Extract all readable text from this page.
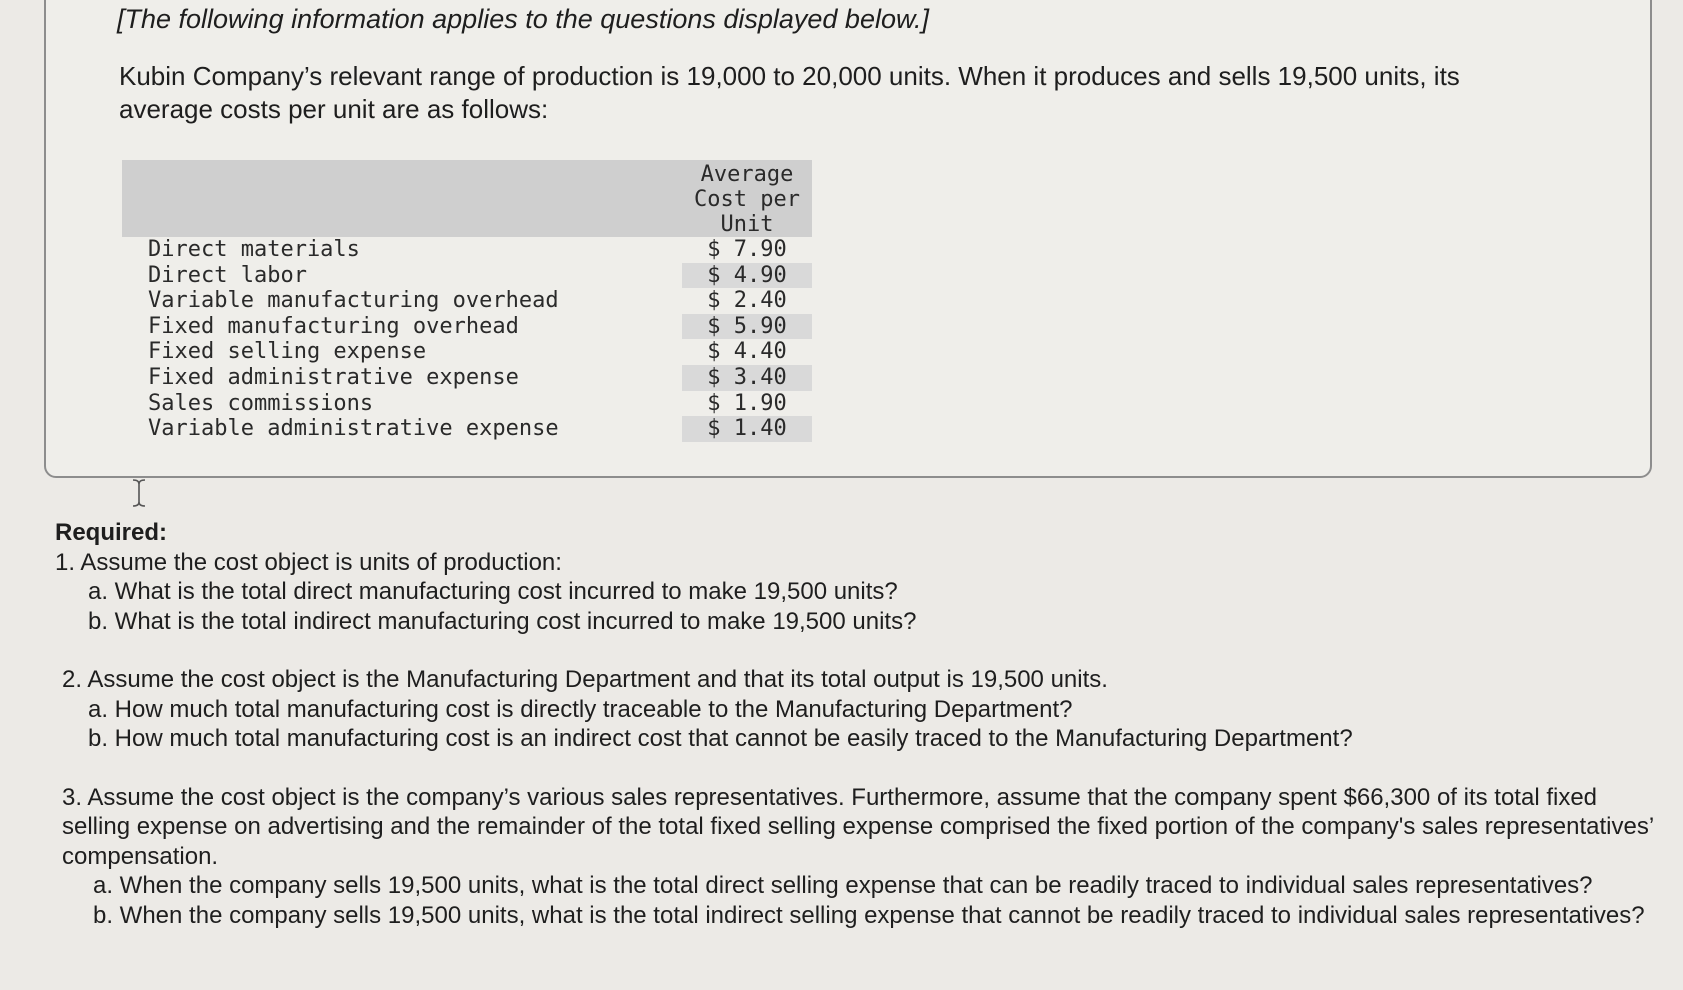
[The following information applies to the questions displayed below.]

Kubin Company’s relevant range of production is 19,000 to 20,000 units. When it produces and sells 19,500 units, its average costs per unit are as follows:

	Average Cost per Unit
Direct materials	$ 7.90
Direct labor	$ 4.90
Variable manufacturing overhead	$ 2.40
Fixed manufacturing overhead	$ 5.90
Fixed selling expense	$ 4.40
Fixed administrative expense	$ 3.40
Sales commissions	$ 1.90
Variable administrative expense	$ 1.40

Required:

1. Assume the cost object is units of production:

a. What is the total direct manufacturing cost incurred to make 19,500 units?

b. What is the total indirect manufacturing cost incurred to make 19,500 units?

2. Assume the cost object is the Manufacturing Department and that its total output is 19,500 units.

a. How much total manufacturing cost is directly traceable to the Manufacturing Department?

b. How much total manufacturing cost is an indirect cost that cannot be easily traced to the Manufacturing Department?

3. Assume the cost object is the company’s various sales representatives. Furthermore, assume that the company spent $66,300 of its total fixed selling expense on advertising and the remainder of the total fixed selling expense comprised the fixed portion of the company's sales representatives’ compensation.

a. When the company sells 19,500 units, what is the total direct selling expense that can be readily traced to individual sales representatives?

b. When the company sells 19,500 units, what is the total indirect selling expense that cannot be readily traced to individual sales representatives?
